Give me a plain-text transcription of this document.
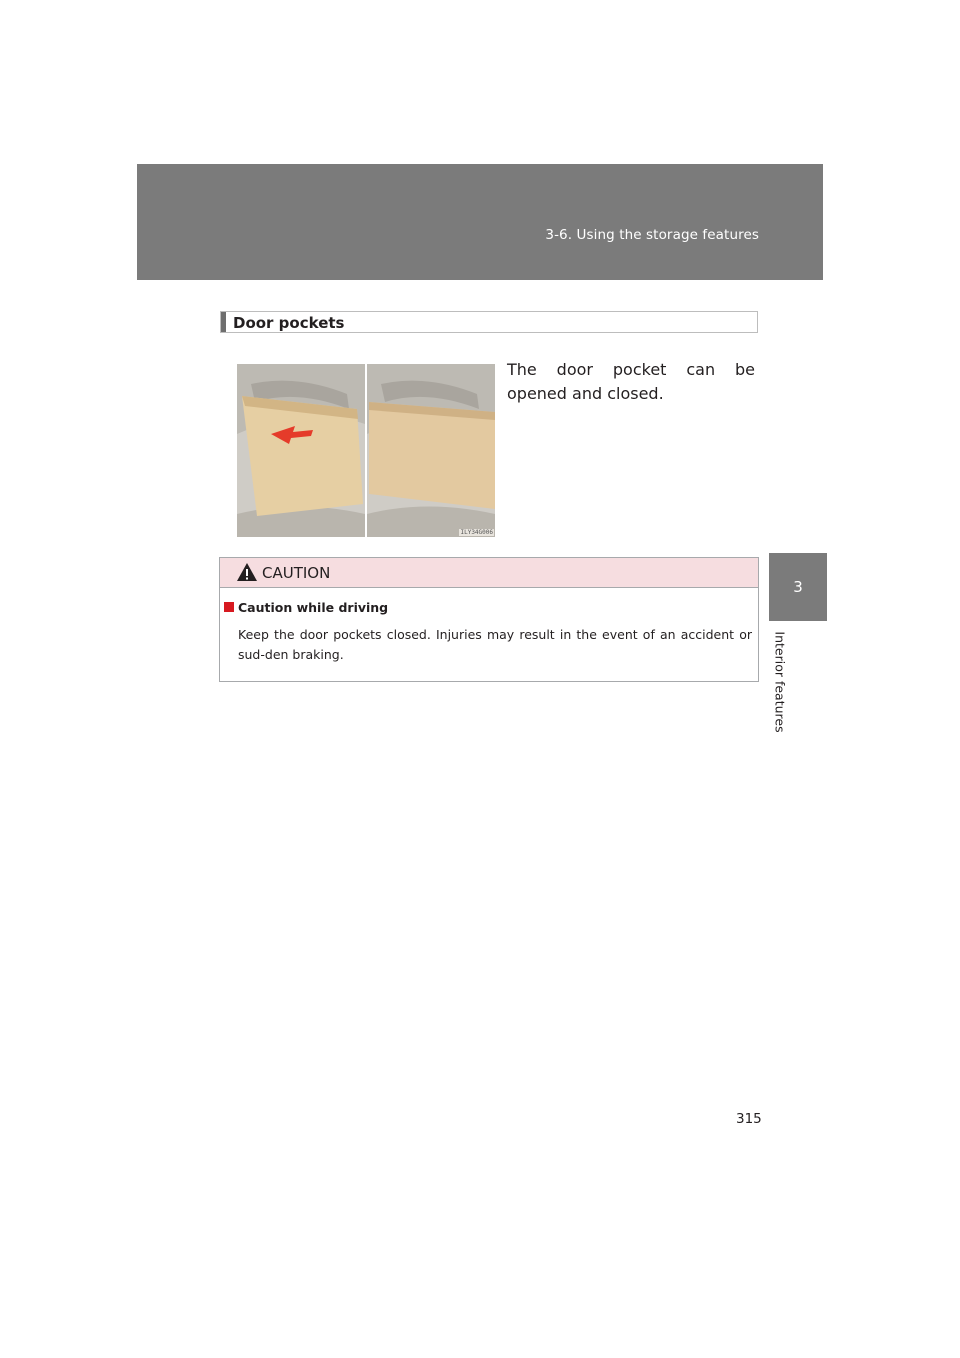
3-6. Using the storage features
3
Interior features
Door pockets
ILY34G006
The door pocket can be opened and closed.
CAUTION
Caution while driving
Keep the door pockets closed. Injuries may result in the event of an accident or sud-den braking.
315
